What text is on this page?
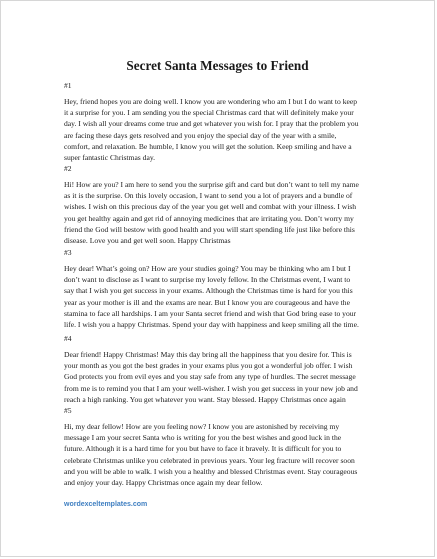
Secret Santa Messages to Friend
#1
Hey, friend hopes you are doing well. I know you are wondering who am I but I do want to keep
it a surprise for you. I am sending you the special Christmas card that will definitely make your
day. I wish all your dreams come true and get whatever you wish for. I pray that the problem you
are facing these days gets resolved and you enjoy the special day of the year with a smile,
comfort, and relaxation. Be humble, I know you will get the solution. Keep smiling and have a
super fantastic Christmas day.
#2
Hi! How are you? I am here to send you the surprise gift and card but don’t want to tell my name
as it is the surprise. On this lovely occasion, I want to send you a lot of prayers and a bundle of
wishes. I wish on this precious day of the year you get well and combat with your illness. I wish
you get healthy again and get rid of annoying medicines that are irritating you. Don’t worry my
friend the God will bestow with good health and you will start spending life just like before this
disease. Love you and get well soon. Happy Christmas
#3
Hey dear! What’s going on? How are your studies going? You may be thinking who am I but I
don’t want to disclose as I want to surprise my lovely fellow. In the Christmas event, I want to
say that I wish you get success in your exams. Although the Christmas time is hard for you this
year as your mother is ill and the exams are near. But I know you are courageous and have the
stamina to face all hardships. I am your Santa secret friend and wish that God bring ease to your
life. I wish you a happy Christmas. Spend your day with happiness and keep smiling all the time.
#4
Dear friend! Happy Christmas! May this day bring all the happiness that you desire for. This is
your month as you got the best grades in your exams plus you got a wonderful job offer. I wish
God protects you from evil eyes and you stay safe from any type of hurdles. The secret message
from me is to remind you that I am your well-wisher. I wish you get success in your new job and
reach a high ranking. You get whatever you want. Stay blessed. Happy Christmas once again
#5
Hi, my dear fellow! How are you feeling now? I know you are astonished by receiving my
message I am your secret Santa who is writing for you the best wishes and good luck in the
future. Although it is a hard time for you but have to face it bravely. It is difficult for you to
celebrate Christmas unlike you celebrated in previous years. Your leg fracture will recover soon
and you will be able to walk. I wish you a healthy and blessed Christmas event. Stay courageous
and enjoy your day. Happy Christmas once again my dear fellow.
wordexceltemplates.com
